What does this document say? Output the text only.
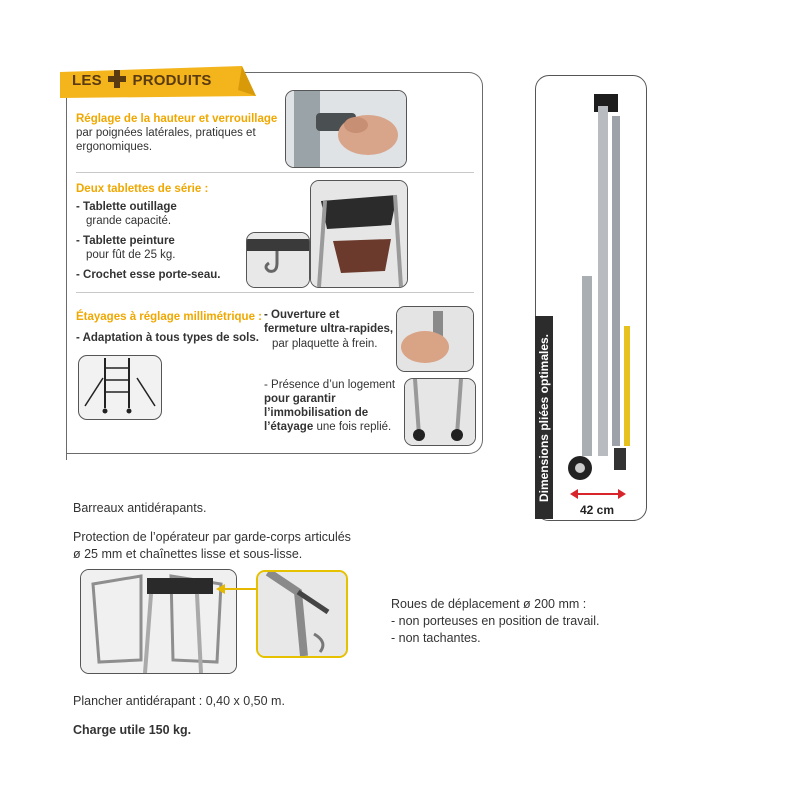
LES PRODUITS
Réglage de la hauteur et verrouillage
par poignées latérales, pratiques et ergonomiques.
Deux tablettes de série :
- Tablette outillage
grande capacité.
- Tablette peinture
pour fût de 25 kg.
- Crochet esse porte-seau.
Étayages à réglage millimétrique :
- Adaptation à tous types de sols.
- Ouverture et fermeture ultra-rapides,
par plaquette à frein.
- Présence d’un logement pour garantir l’immobilisation de l’étayage une fois replié.	Dimensions pliées optimales.
42 cm
Barreaux antidérapants.
Protection de l’opérateur par garde-corps articulés
ø 25 mm et chaînettes lisse et sous-lisse.
Roues de déplacement ø 200 mm :
- non porteuses en position de travail.
- non tachantes.
Plancher antidérapant : 0,40 x 0,50 m.
Charge utile 150 kg.
